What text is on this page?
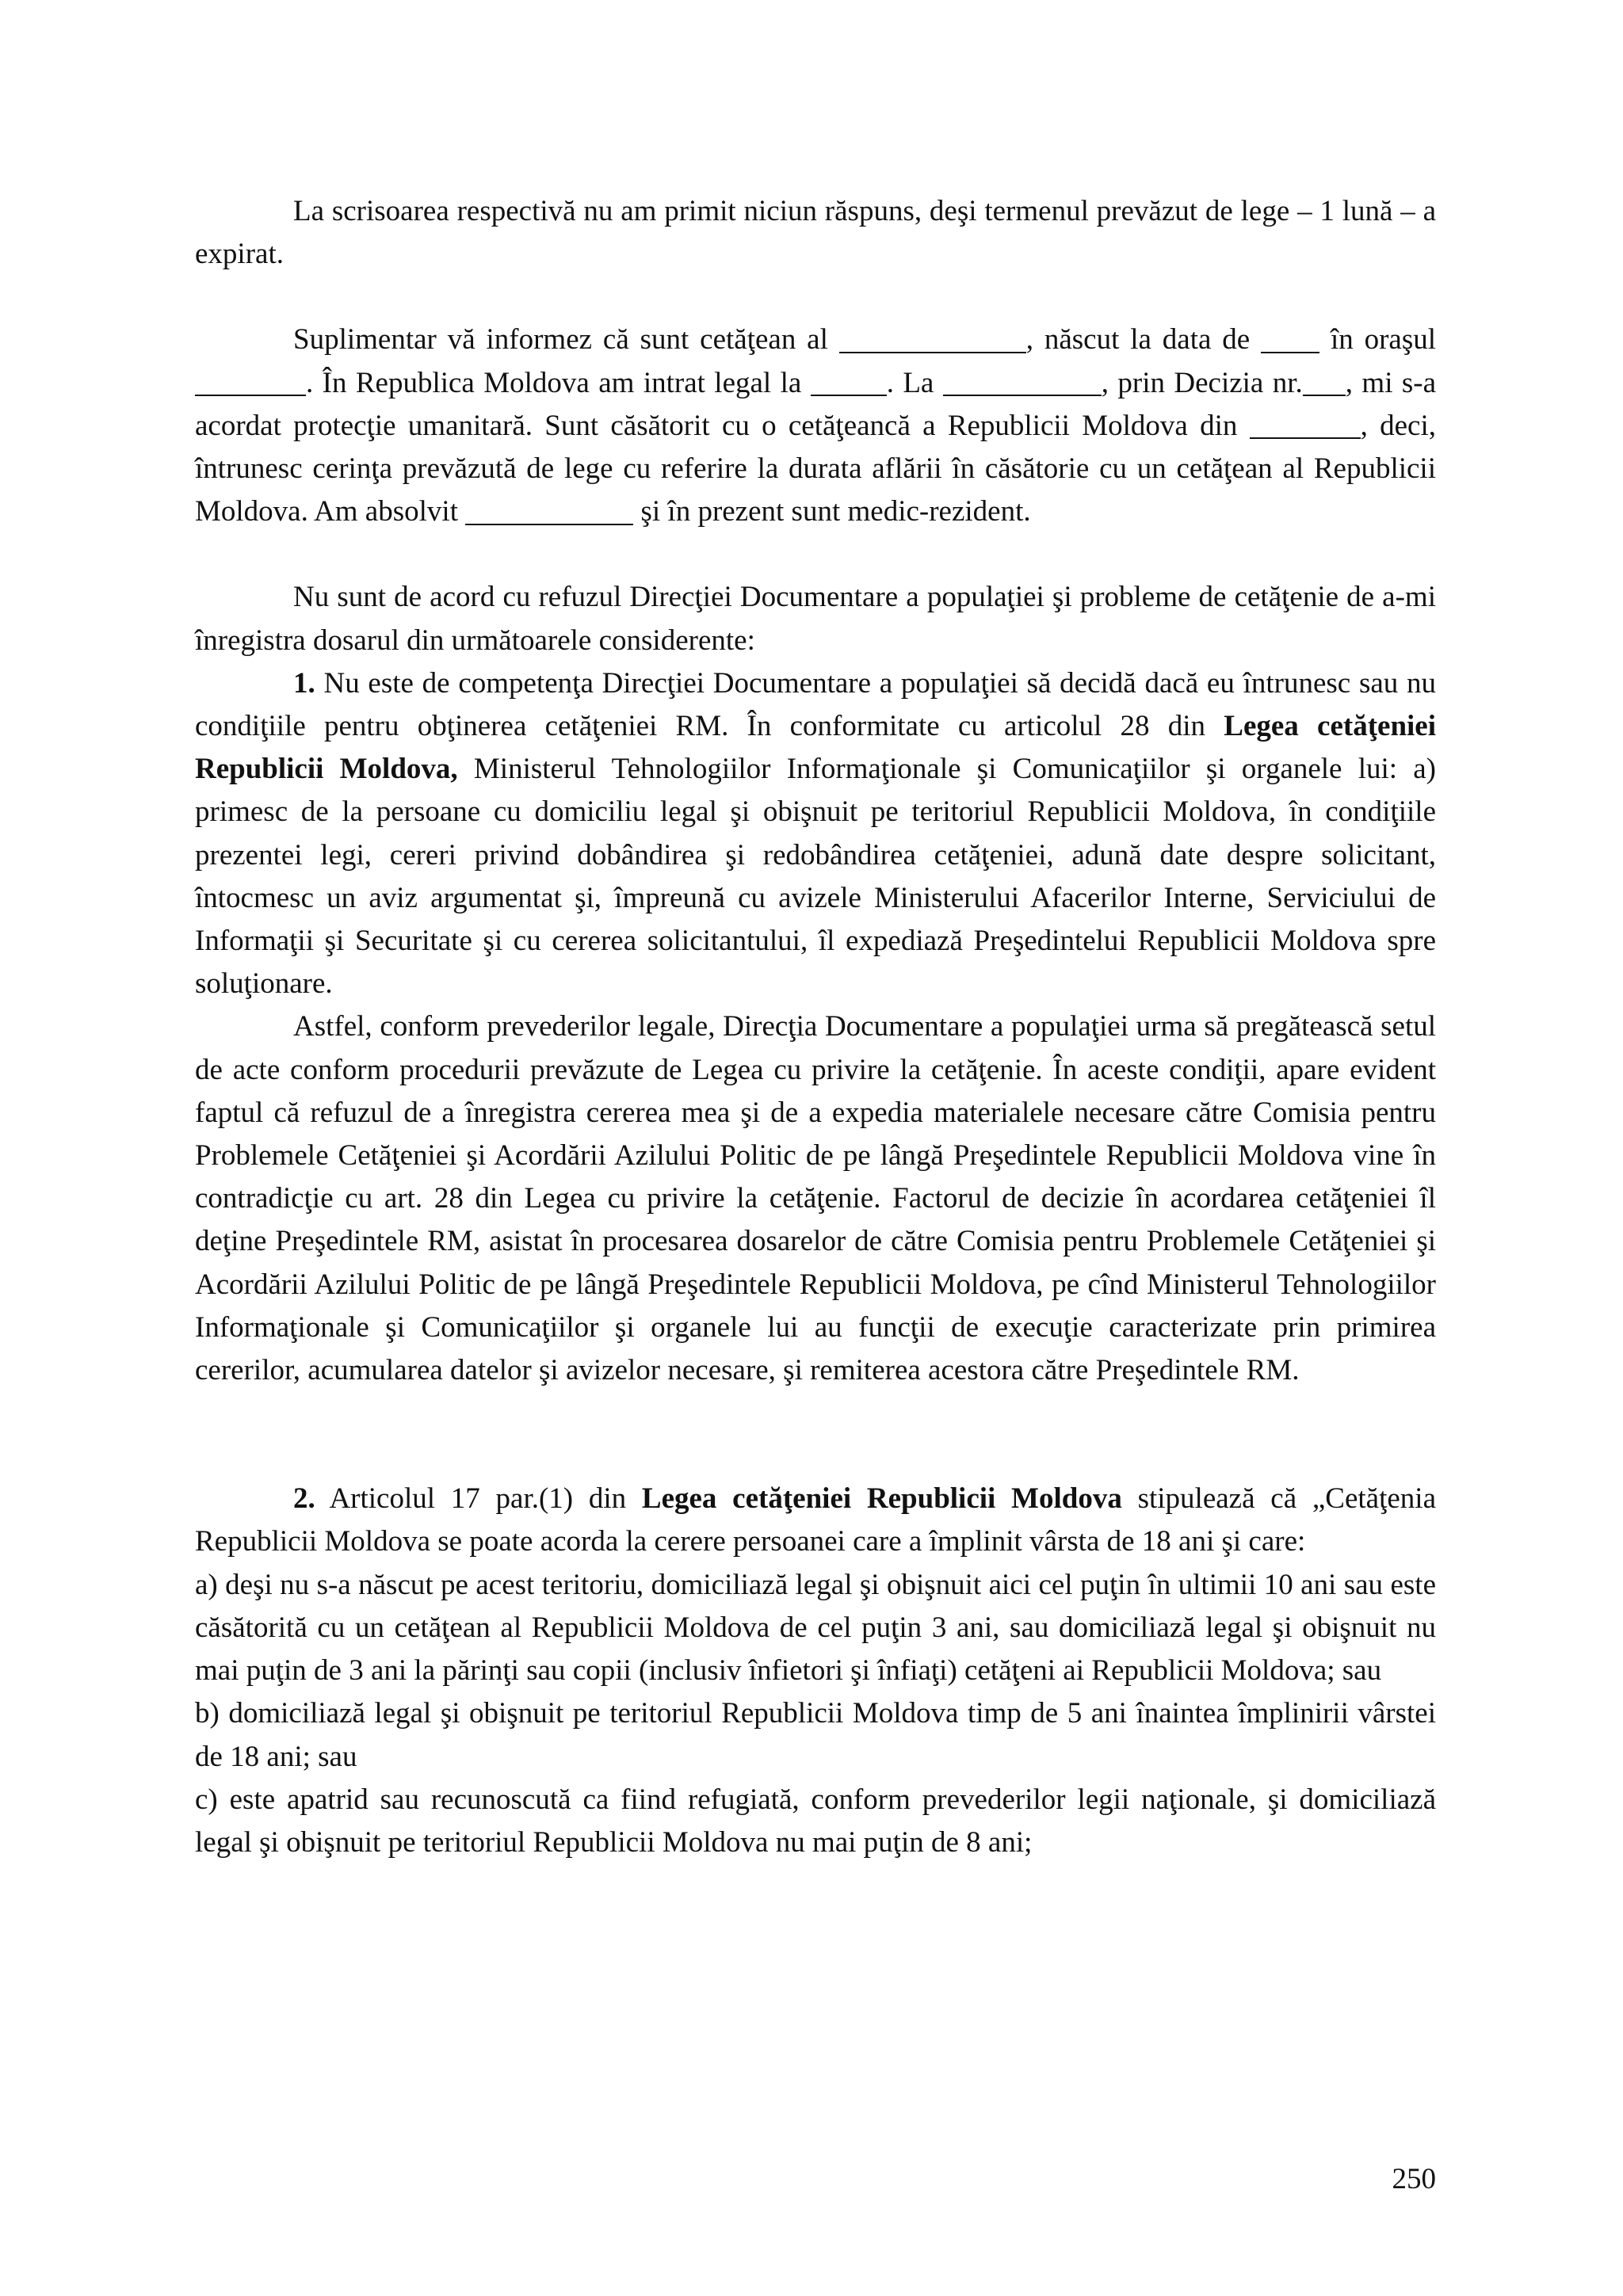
La scrisoarea respectivă nu am primit niciun răspuns, deşi termenul prevăzut de lege – 1 lună – a expirat.

Suplimentar vă informez că sunt cetăţean al	, născut la data de  în oraşul . În Republica Moldova am intrat legal la	. La	, prin Decizia nr. , mi s-a acordat protecţie umanitară. Sunt căsătorit cu o cetăţeancă a Republicii Moldova din	, deci, întrunesc cerinţa prevăzută de lege cu referire la durata aflării în căsătorie cu un cetăţean al Republicii Moldova. Am absolvit	şi în prezent sunt medic-rezident.

Nu sunt de acord cu refuzul Direcţiei Documentare a populaţiei şi probleme de cetăţenie de a-mi înregistra dosarul din următoarele considerente:

1. Nu este de competenţa Direcţiei Documentare a populaţiei să decidă dacă eu întrunesc sau nu condiţiile pentru obţinerea cetăţeniei RM. În conformitate cu articolul 28 din Legea cetăţeniei Republicii Moldova, Ministerul Tehnologiilor Informaţionale şi Comunicaţiilor şi organele lui: a) primesc de la persoane cu domiciliu legal şi obişnuit pe teritoriul Republicii Moldova, în condiţiile prezentei legi, cereri privind dobândirea şi redobândirea cetăţeniei, adună date despre solicitant, întocmesc un aviz argumentat şi, împreună cu avizele Ministerului Afacerilor Interne, Serviciului de Informaţii şi Securitate şi cu cererea solicitantului, îl expediază Preşedintelui Republicii Moldova spre soluţionare.

Astfel, conform prevederilor legale, Direcţia Documentare a populaţiei urma să pregătească setul de acte conform procedurii prevăzute de Legea cu privire la cetăţenie. În aceste condiţii, apare evident faptul că refuzul de a înregistra cererea mea şi de a expedia materialele necesare către Comisia pentru Problemele Cetăţeniei şi Acordării Azilului Politic de pe lângă Preşedintele Republicii Moldova vine în contradicţie cu art. 28 din Legea cu privire la cetăţenie. Factorul de decizie în acordarea cetăţeniei îl deţine Preşedintele RM, asistat în procesarea dosarelor de către Comisia pentru Problemele Cetăţeniei şi Acordării Azilului Politic de pe lângă Preşedintele Republicii Moldova, pe cînd Ministerul Tehnologiilor Informaţionale şi Comunicaţiilor şi organele lui au funcţii de execuţie caracterizate prin primirea cererilor, acumularea datelor şi avizelor necesare, şi remiterea acestora către Preşedintele RM.

2. Articolul 17 par.(1) din Legea cetăţeniei Republicii Moldova stipulează că „Cetăţenia Republicii Moldova se poate acorda la cerere persoanei care a împlinit vârsta de 18 ani şi care:

a) deşi nu s-a născut pe acest teritoriu, domiciliază legal şi obişnuit aici cel puţin în ultimii 10 ani sau este căsătorită cu un cetăţean al Republicii Moldova de cel puţin 3 ani, sau domiciliază legal şi obişnuit nu mai puţin de 3 ani la părinţi sau copii (inclusiv înfietori şi înfiaţi) cetăţeni ai Republicii Moldova; sau

b) domiciliază legal şi obişnuit pe teritoriul Republicii Moldova timp de 5 ani înaintea împlinirii vârstei de 18 ani; sau

c) este apatrid sau recunoscută ca fiind refugiată, conform prevederilor legii naţionale, şi domiciliază legal şi obişnuit pe teritoriul Republicii Moldova nu mai puţin de 8 ani;

250
